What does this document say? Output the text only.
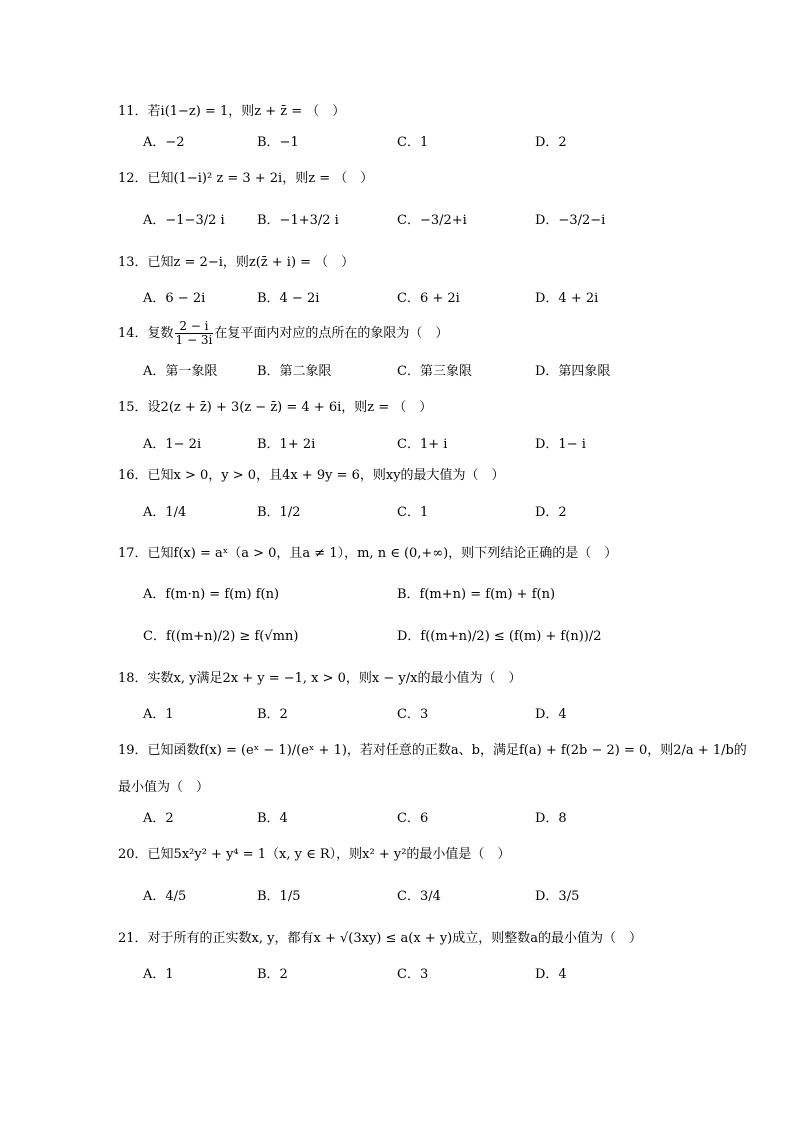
11．若i(1−z) = 1，则z + z̄ = （　）
A．−2	B．−1	C．1	D．2
12．已知(1−i)² z = 3 + 2i，则z = （　）
A．−1−3/2 i B．−1+3/2 i	C．−3/2+i	D．−3/2−i
13．已知z = 2−i，则z(z̄ + i) = （　）
A．6 − 2i	B．4 − 2i	C．6 + 2i	D．4 + 2i
14．复数 $\frac{2 - i}{1 - 3i}$ 在复平面内对应的点所在的象限为（　）
A．第一象限	B．第二象限	C．第三象限	D．第四象限
15．设2(z + z̄) + 3(z − z̄) = 4 + 6i，则z = （　）
A．1− 2i	B．1+ 2i	C．1+ i	D．1− i
16．已知x > 0，y > 0，且4x + 9y = 6，则xy的最大值为（　）
A．1/4	B．1/2	C．1	D．2
17．已知f(x) = aˣ（a > 0，且a ≠ 1），m, n ∈ (0,+∞)，则下列结论正确的是（　）
A．f(m·n) = f(m) f(n)	B．f(m+n) = f(m) + f(n)
C．f((m+n)/2) ≥ f(√mn)	D．f((m+n)/2) ≤ (f(m) + f(n))/2
18．实数x, y满足2x + y = −1, x > 0，则x − y/x的最小值为（　）
A．1	B．2	C．3	D．4
19．已知函数f(x) = (eˣ − 1)/(eˣ + 1)，若对任意的正数a、b，满足f(a) + f(2b − 2) = 0，则2/a + 1/b的
最小值为（　）
A．2	B．4	C．6	D．8
20．已知5x²y² + y⁴ = 1（x, y ∈ R），则x² + y²的最小值是（　）
A．4/5	B．1/5	C．3/4	D．3/5
21．对于所有的正实数x, y，都有x + √(3xy) ≤ a(x + y)成立，则整数a的最小值为（　）
A．1	B．2	C．3	D．4
